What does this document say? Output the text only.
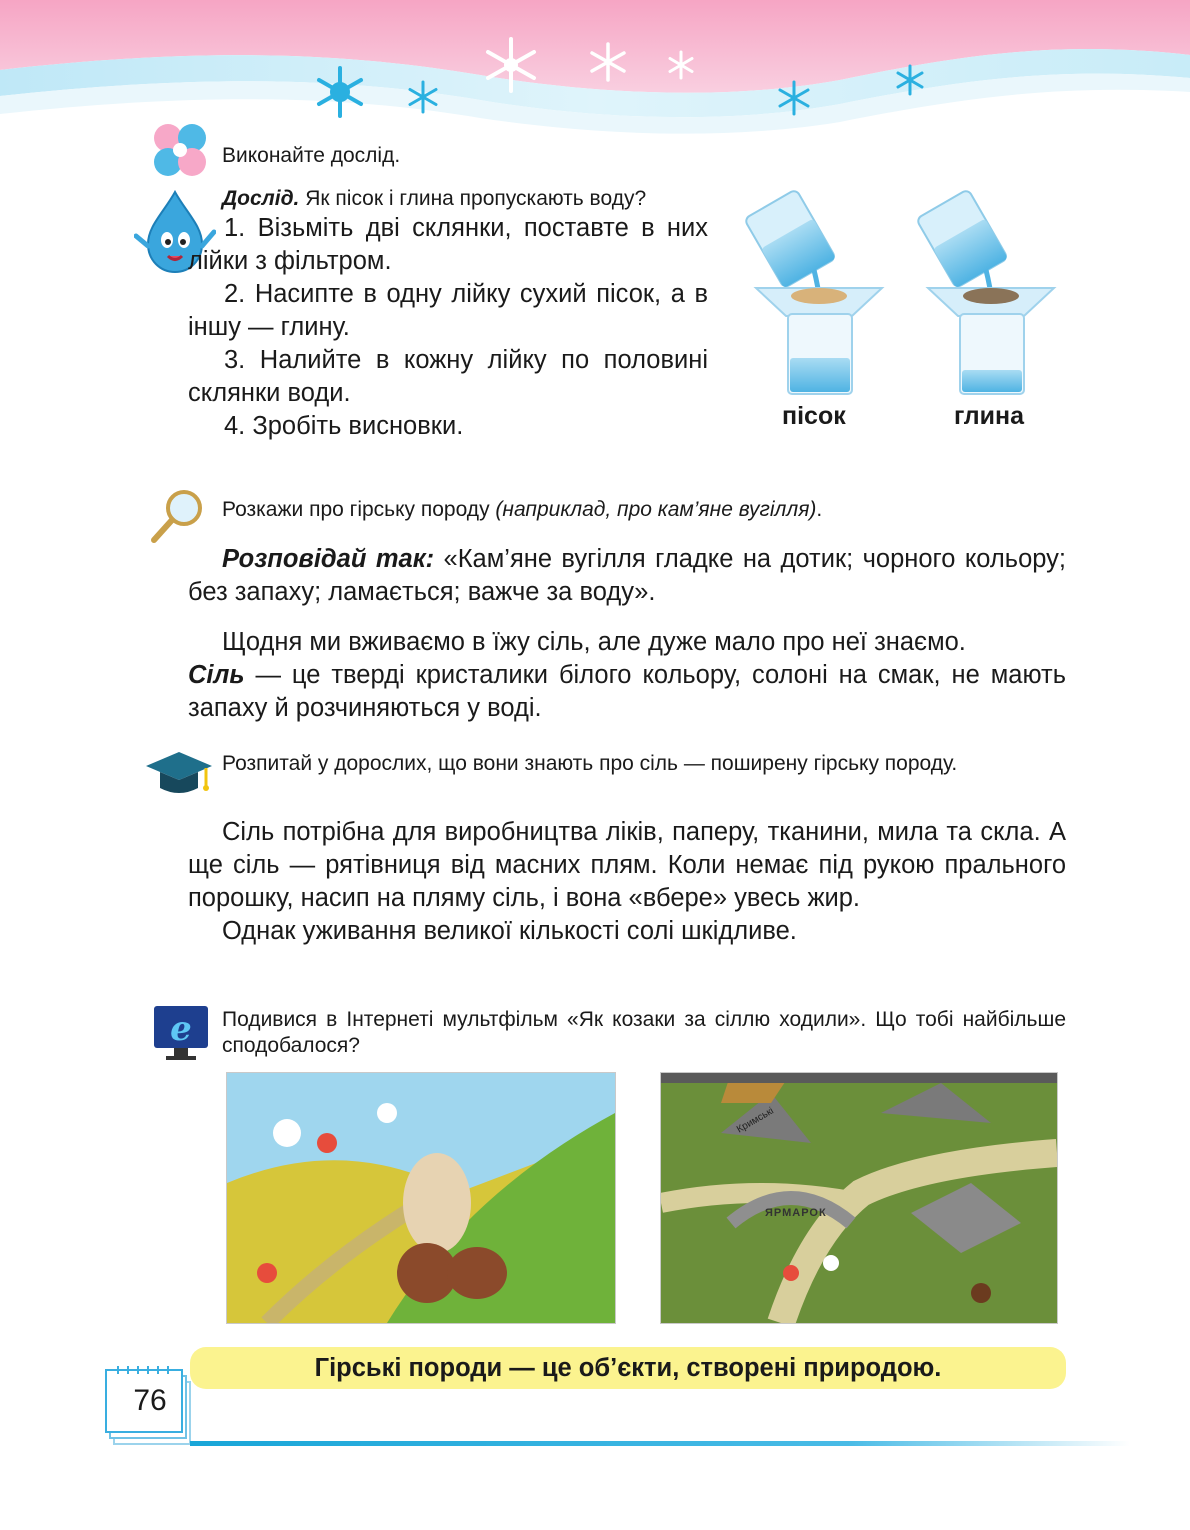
Виконайте дослід.
Дослід. Як пісок і глина пропускають воду?

1. Візьміть дві склянки, поставте в них лійки з фільтром.

2. Насипте в одну лійку сухий пісок, а в іншу — глину.

3. Налийте в кожну лійку по половині склянки води.

4. Зробіть висновки.	пісок	глина
Розкажи про гірську породу (наприклад, про кам’яне вугілля).

Розповідай так: «Кам’яне вугілля гладке на дотик; чорного кольору; без запаху; ламається; важче за воду».

Щодня ми вживаємо в їжу сіль, але дуже мало про неї знаємо.

Сіль — це тверді кристалики білого кольору, солоні на смак, не мають запаху й розчиняються у воді.

Розпитай у дорослих, що вони знають про сіль — поширену гірську породу.

Сіль потрібна для виробництва ліків, паперу, тканини, мила та скла. А ще сіль — рятівниця від масних плям. Коли немає під рукою прального порошку, насип на пляму сіль, і вона «вбере» увесь жир.

Однак уживання великої кількості солі шкідливе.

e Подивися в Інтернеті мультфільм «Як козаки за сіллю ходили». Що тобі найбільше сподобалося?
Кримські
ЯРМАРОК
Гірські породи — це об’єкти, створені природою.
76
